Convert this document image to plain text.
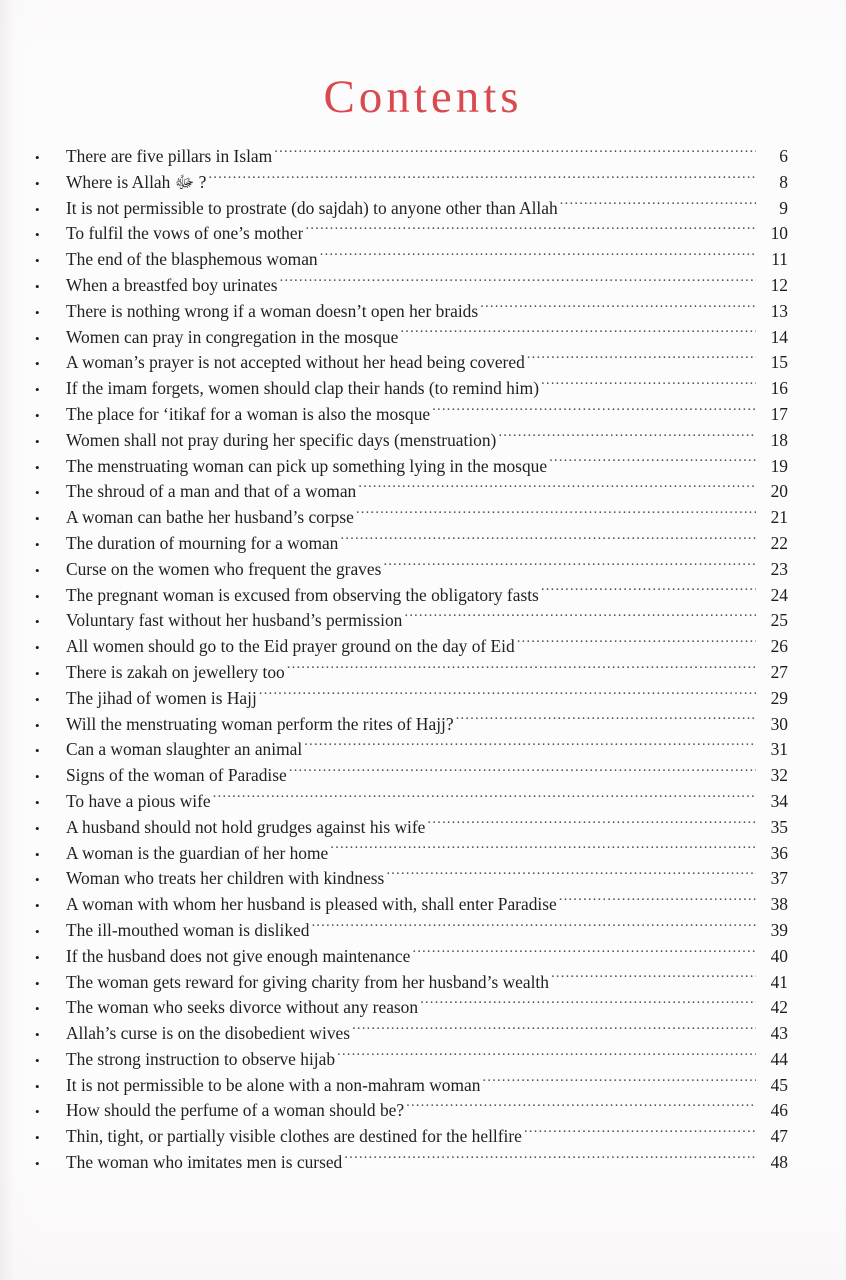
Contents
•	There are five pillars in Islam .....	6
•	Where is Allah ﷻ ? .....	8
•	It is not permissible to prostrate (do sajdah) to anyone other than Allah .....	9
•	To fulfil the vows of one’s mother .....	10
•	The end of the blasphemous woman .....	11
•	When a breastfed boy urinates .....	12
•	There is nothing wrong if a woman doesn’t open her braids .....	13
•	Women can pray in congregation in the mosque .....	14
•	A woman’s prayer is not accepted without her head being covered .....	15
•	If the imam forgets, women should clap their hands (to remind him) .....	16
•	The place for ‘itikaf for a woman is also the mosque .....	17
•	Women shall not pray during her specific days (menstruation) .....	18
•	The menstruating woman can pick up something lying in the mosque .....	19
•	The shroud of a man and that of a woman .....	20
•	A woman can bathe her husband’s corpse .....	21
•	The duration of mourning for a woman .....	22
•	Curse on the women who frequent the graves .....	23
•	The pregnant woman is excused from observing the obligatory fasts .....	24
•	Voluntary fast without her husband’s permission .....	25
•	All women should go to the Eid prayer ground on the day of Eid .....	26
•	There is zakah on jewellery too .....	27
•	The jihad of women is Hajj .....	29
•	Will the menstruating woman perform the rites of Hajj? .....	30
•	Can a woman slaughter an animal .....	31
•	Signs of the woman of Paradise .....	32
•	To have a pious wife .....	34
•	A husband should not hold grudges against his wife .....	35
•	A woman is the guardian of her home .....	36
•	Woman who treats her children with kindness .....	37
•	A woman with whom her husband is pleased with, shall enter Paradise .....	38
•	The ill-mouthed woman is disliked .....	39
•	If the husband does not give enough maintenance .....	40
•	The woman gets reward for giving charity from her husband’s wealth .....	41
•	The woman who seeks divorce without any reason .....	42
•	Allah’s curse is on the disobedient wives .....	43
•	The strong instruction to observe hijab .....	44
•	It is not permissible to be alone with a non-mahram woman .....	45
•	How should the perfume of a woman should be? .....	46
•	Thin, tight, or partially visible clothes are destined for the hellfire .....	47
•	The woman who imitates men is cursed .....	48
